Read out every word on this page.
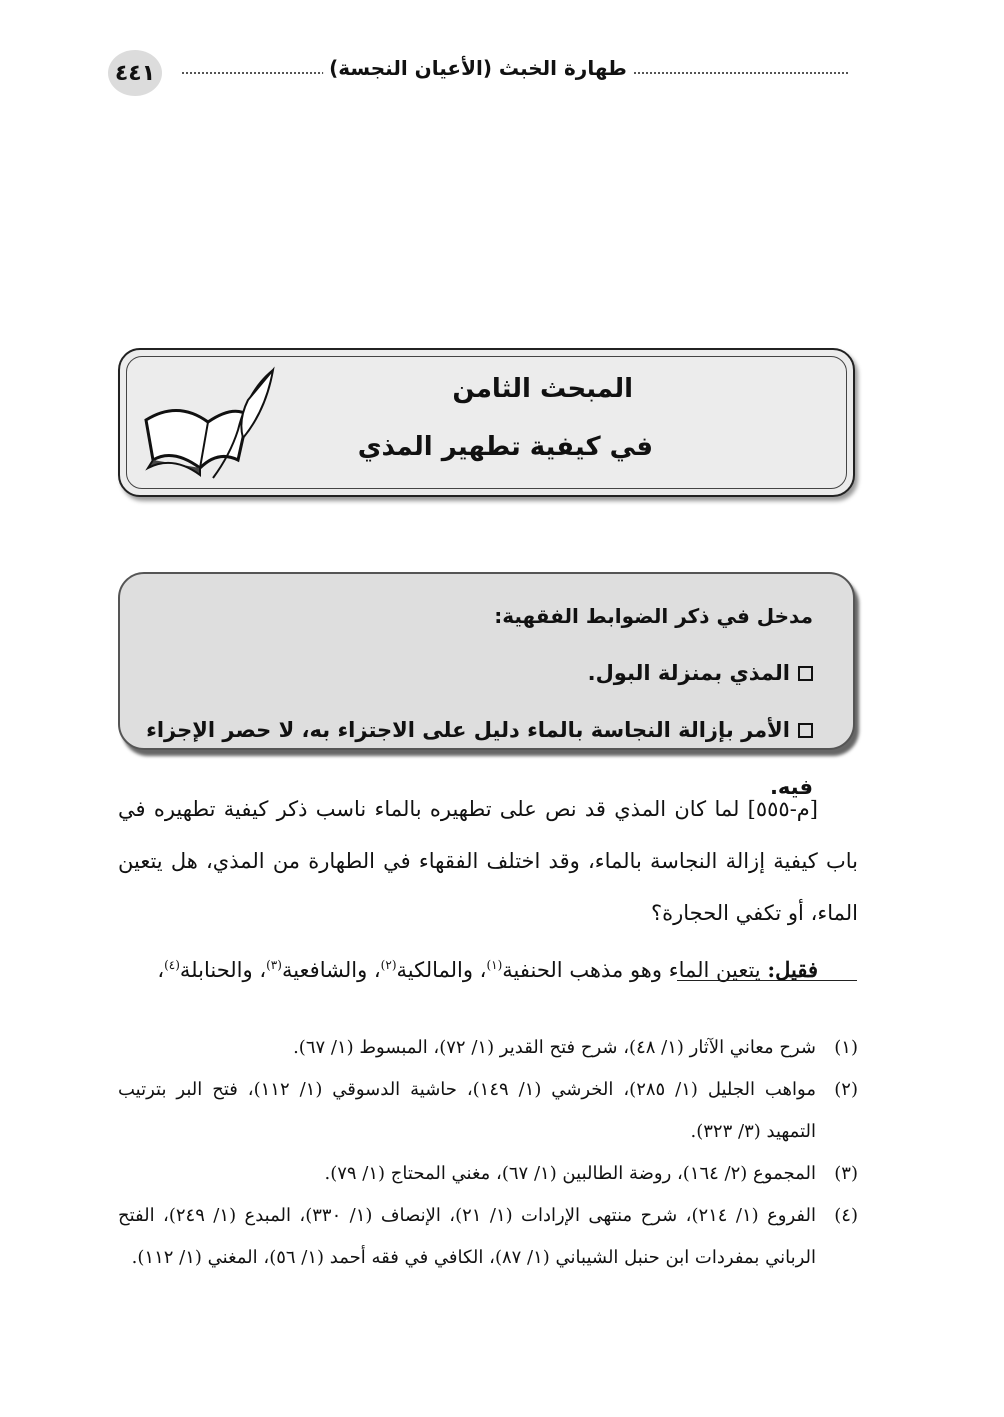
٤٤١	طهارة الخبث (الأعيان النجسة)
المبحث الثامن
في كيفية تطهير المذي

مدخل في ذكر الضوابط الفقهية:

المذي بمنزلة البول.

الأمر بإزالة النجاسة بالماء دليل على الاجتزاء به، لا حصر الإجزاء فيه.

[م-٥٥٥] لما كان المذي قد نص على تطهيره بالماء ناسب ذكر كيفية تطهيره في باب كيفية إزالة النجاسة بالماء، وقد اختلف الفقهاء في الطهارة من المذي، هل يتعين الماء، أو تكفي الحجارة؟

فقيل: يتعين الماء وهو مذهب الحنفية$^{(١)}$، والمالكية$^{(٢)}$، والشافعية$^{(٣)}$، والحنابلة$^{(٤)}$،

(١)
شرح معاني الآثار (١/ ٤٨)، شرح فتح القدير (١/ ٧٢)، المبسوط (١/ ٦٧).
(٢)
مواهب الجليل (١/ ٢٨٥)، الخرشي (١/ ١٤٩)، حاشية الدسوقي (١/ ١١٢)، فتح البر بترتيب التمهيد (٣/ ٣٢٣).
(٣)
المجموع (٢/ ١٦٤)، روضة الطالبين (١/ ٦٧)، مغني المحتاج (١/ ٧٩).
(٤)
الفروع (١/ ٢١٤)، شرح منتهى الإرادات (١/ ٢١)، الإنصاف (١/ ٣٣٠)، المبدع (١/ ٢٤٩)، الفتح الرباني بمفردات ابن حنبل الشيباني (١/ ٨٧)، الكافي في فقه أحمد (١/ ٥٦)، المغني (١/ ١١٢).
